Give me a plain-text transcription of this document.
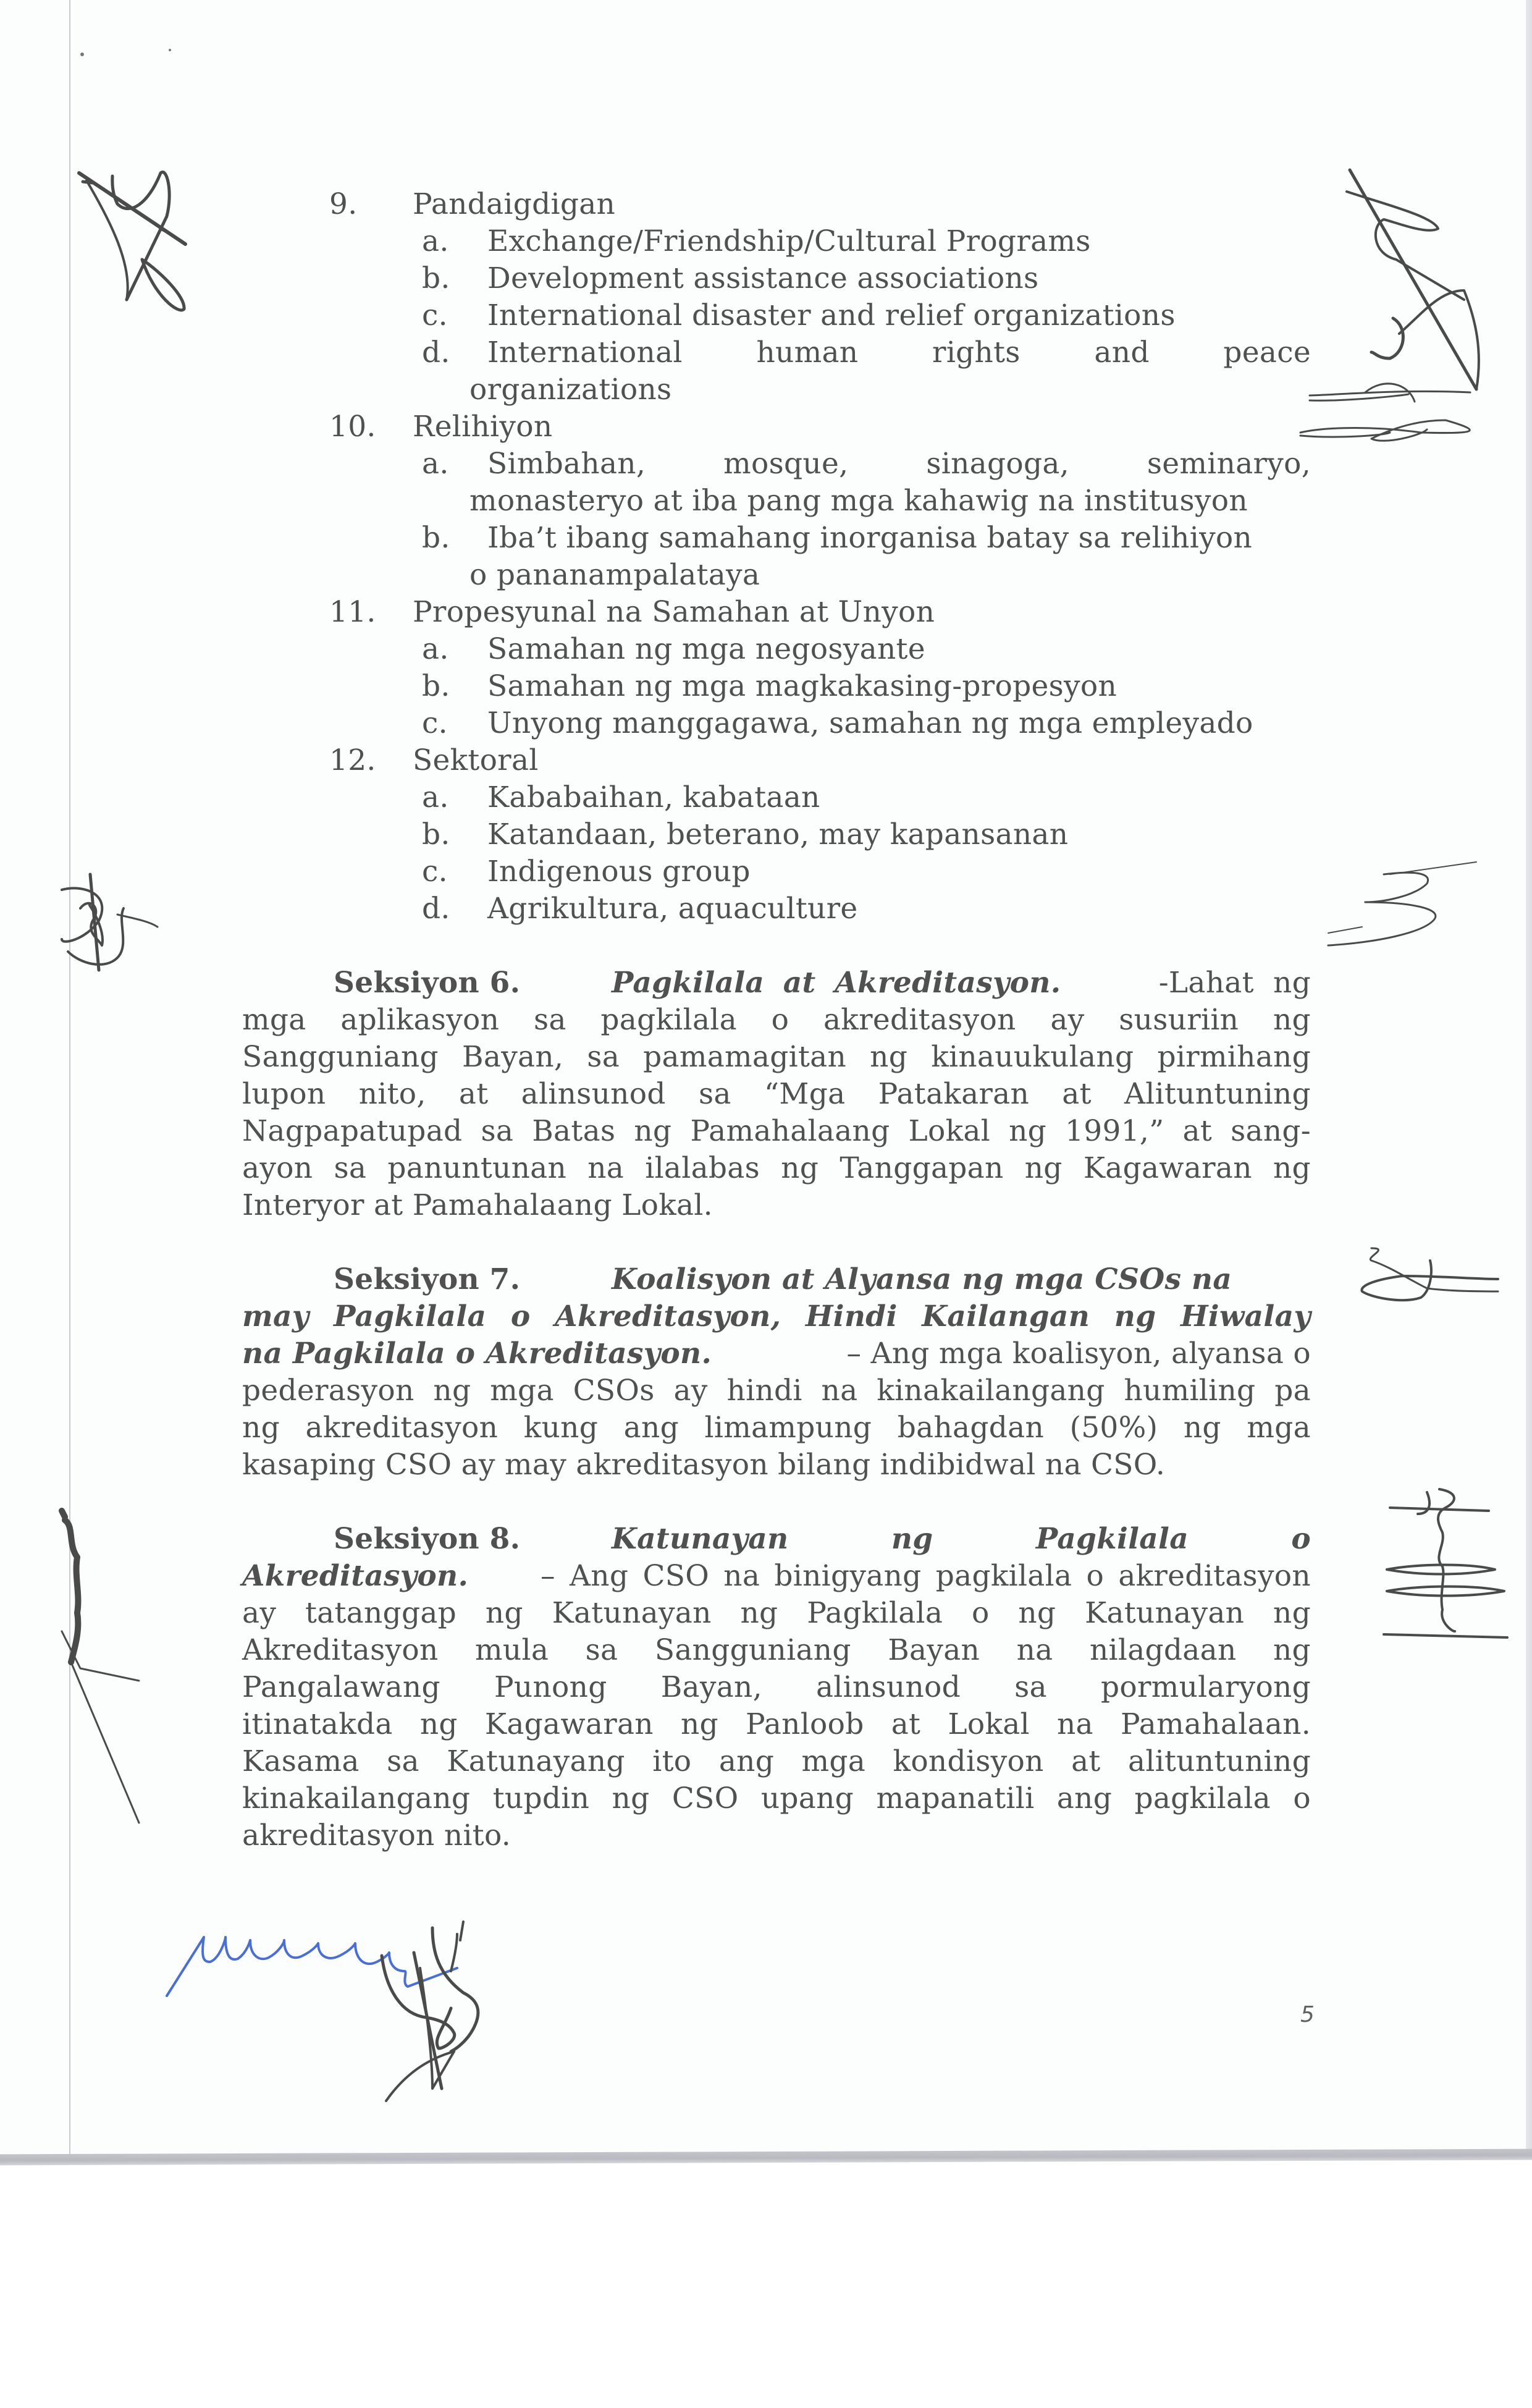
9. Pandaigdigan
a. Exchange/Friendship/Cultural Programs
b. Development assistance associations
c. International disaster and relief organizations
d. International	human	rights	and	peace
organizations
10. Relihiyon
a. Simbahan,	mosque,	sinagoga,	seminaryo,
monasteryo at iba pang mga kahawig na institusyon
b. Iba’t ibang samahang inorganisa batay sa relihiyon
o pananampalataya
11. Propesyunal na Samahan at Unyon
a. Samahan ng mga negosyante
b. Samahan ng mga magkakasing-propesyon
c. Unyong manggagawa, samahan ng mga empleyado
12. Sektoral
a. Kababaihan, kabataan
b. Katandaan, beterano, may kapansanan
c. Indigenous group
d. Agrikultura, aquaculture
Seksiyon 6.	Pagkilala at Akreditasyon.	-Lahat ng
mga aplikasyon sa pagkilala o akreditasyon ay susuriin ng
Sangguniang Bayan, sa pamamagitan ng kinauukulang pirmihang
lupon nito, at alinsunod sa “Mga Patakaran at Alituntuning
Nagpapatupad sa Batas ng Pamahalaang Lokal ng 1991,” at sang-
ayon sa panuntunan na ilalabas ng Tanggapan ng Kagawaran ng
Interyor at Pamahalaang Lokal.
Seksiyon 7.	Koalisyon at Alyansa ng mga CSOs na
may Pagkilala o Akreditasyon, Hindi Kailangan ng Hiwalay
na Pagkilala o Akreditasyon.	– Ang mga koalisyon, alyansa o
pederasyon ng mga CSOs ay hindi na kinakailangang humiling pa
ng akreditasyon kung ang limampung bahagdan (50%) ng mga
kasaping CSO ay may akreditasyon bilang indibidwal na CSO.
Seksiyon 8.	Katunayan	ng	Pagkilala	o
Akreditasyon. – Ang CSO na binigyang pagkilala o akreditasyon
ay tatanggap ng Katunayan ng Pagkilala o ng Katunayan ng
Akreditasyon mula sa Sangguniang Bayan na nilagdaan ng
Pangalawang Punong Bayan, alinsunod sa pormularyong
itinatakda ng Kagawaran ng Panloob at Lokal na Pamahalaan.
Kasama sa Katunayang ito ang mga kondisyon at alituntuning
kinakailangang tupdin ng CSO upang mapanatili ang pagkilala o
akreditasyon nito.
5
